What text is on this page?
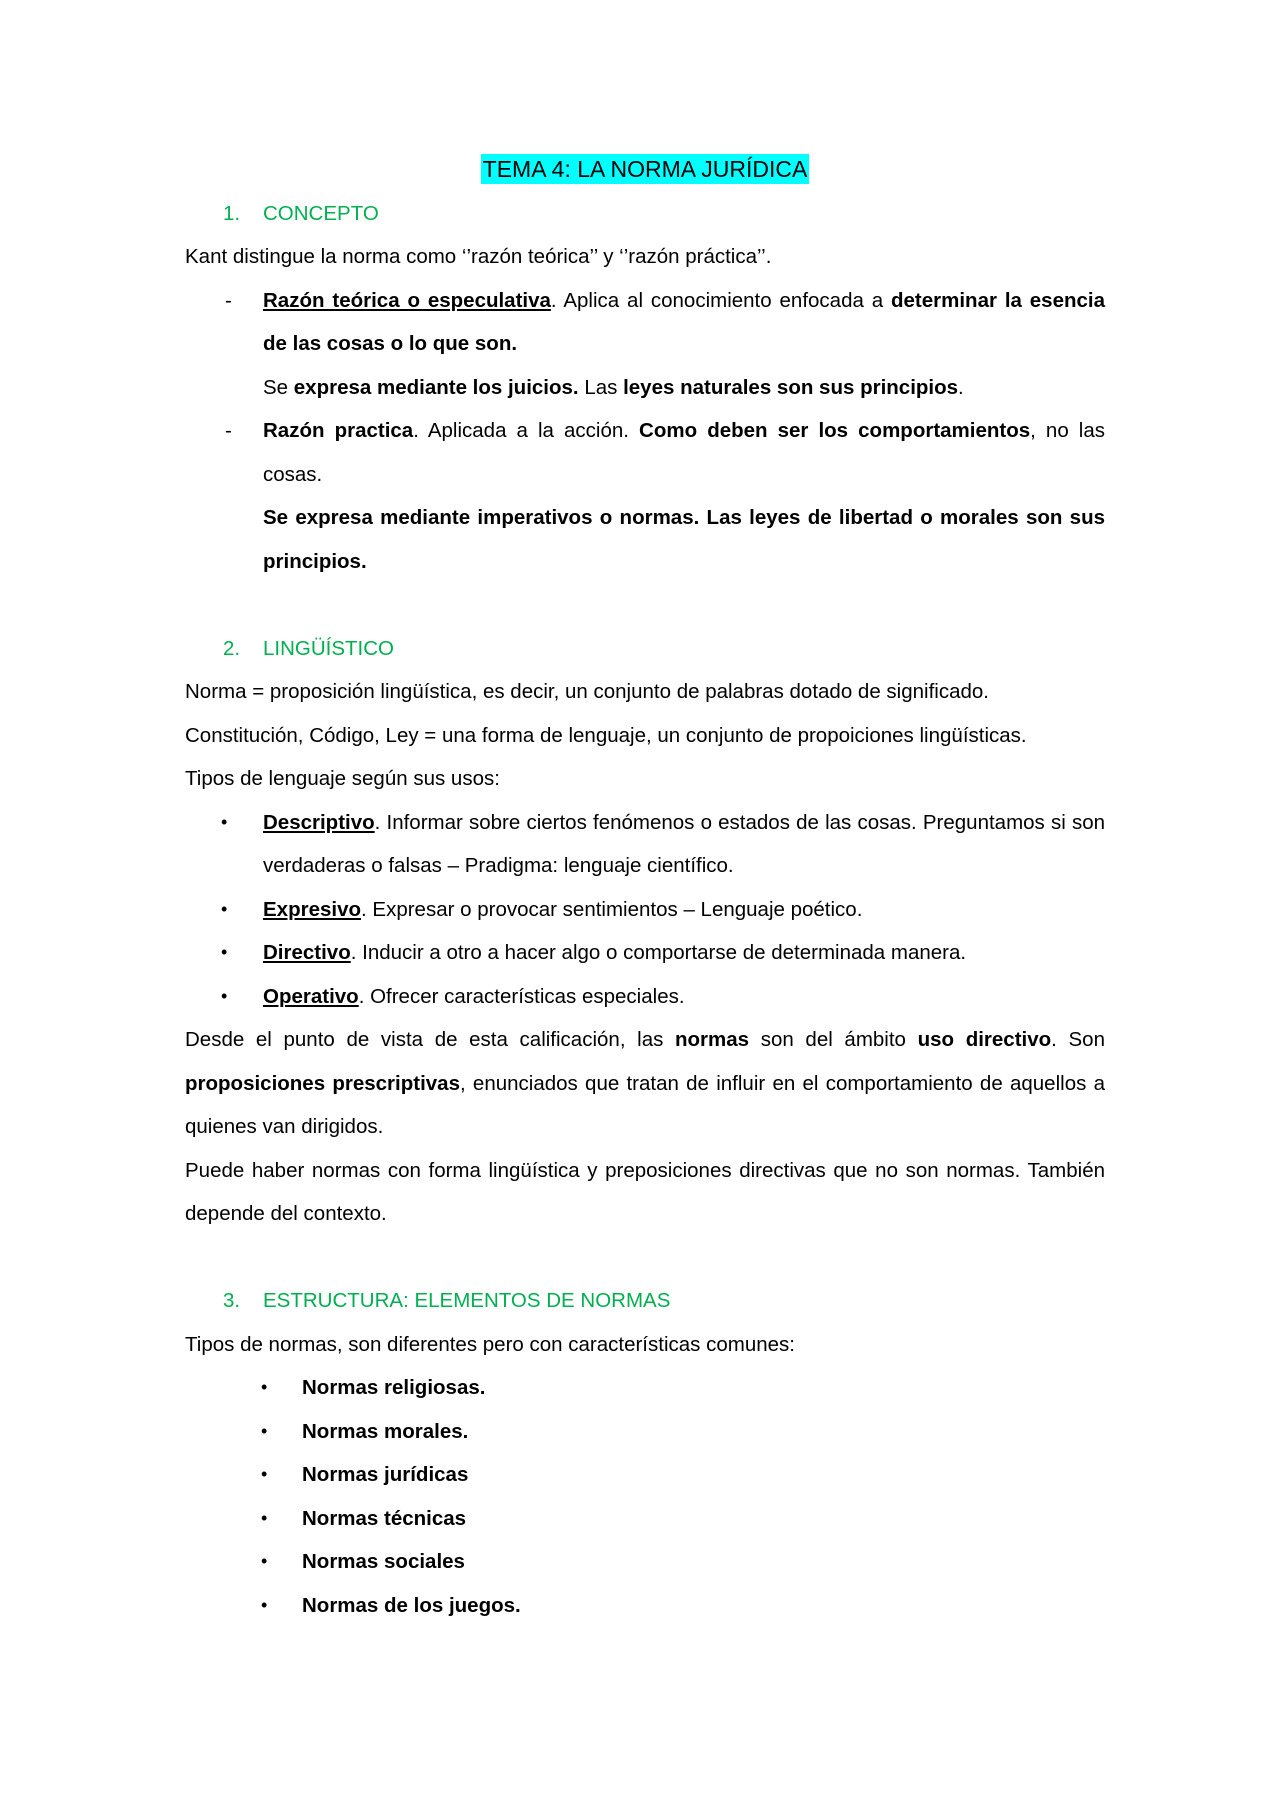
TEMA 4: LA NORMA JURÍDICA
1. CONCEPTO

Kant distingue la norma como ‘’razón teórica’’ y ‘’razón práctica’’.

- Razón teórica o especulativa. Aplica al conocimiento enfocada a determinar la esencia de las cosas o lo que son.
Se expresa mediante los juicios. Las leyes naturales son sus principios.
- Razón practica. Aplicada a la acción. Como deben ser los comportamientos, no las cosas.
Se expresa mediante imperativos o normas. Las leyes de libertad o morales son sus principios.
2. LINGÜÍSTICO

Norma = proposición lingüística, es decir, un conjunto de palabras dotado de significado.

Constitución, Código, Ley = una forma de lenguaje, un conjunto de propoiciones lingüísticas.

Tipos de lenguaje según sus usos:

• Descriptivo. Informar sobre ciertos fenómenos o estados de las cosas. Preguntamos si son verdaderas o falsas – Pradigma: lenguaje científico.
• Expresivo. Expresar o provocar sentimientos – Lenguaje poético.
• Directivo. Inducir a otro a hacer algo o comportarse de determinada manera.
• Operativo. Ofrecer características especiales.

Desde el punto de vista de esta calificación, las normas son del ámbito uso directivo. Son proposiciones prescriptivas, enunciados que tratan de influir en el comportamiento de aquellos a quienes van dirigidos.

Puede haber normas con forma lingüística y preposiciones directivas que no son normas. También depende del contexto.

3. ESTRUCTURA: ELEMENTOS DE NORMAS

Tipos de normas, son diferentes pero con características comunes:

• Normas religiosas.
• Normas morales.
• Normas jurídicas
• Normas técnicas
• Normas sociales
• Normas de los juegos.
